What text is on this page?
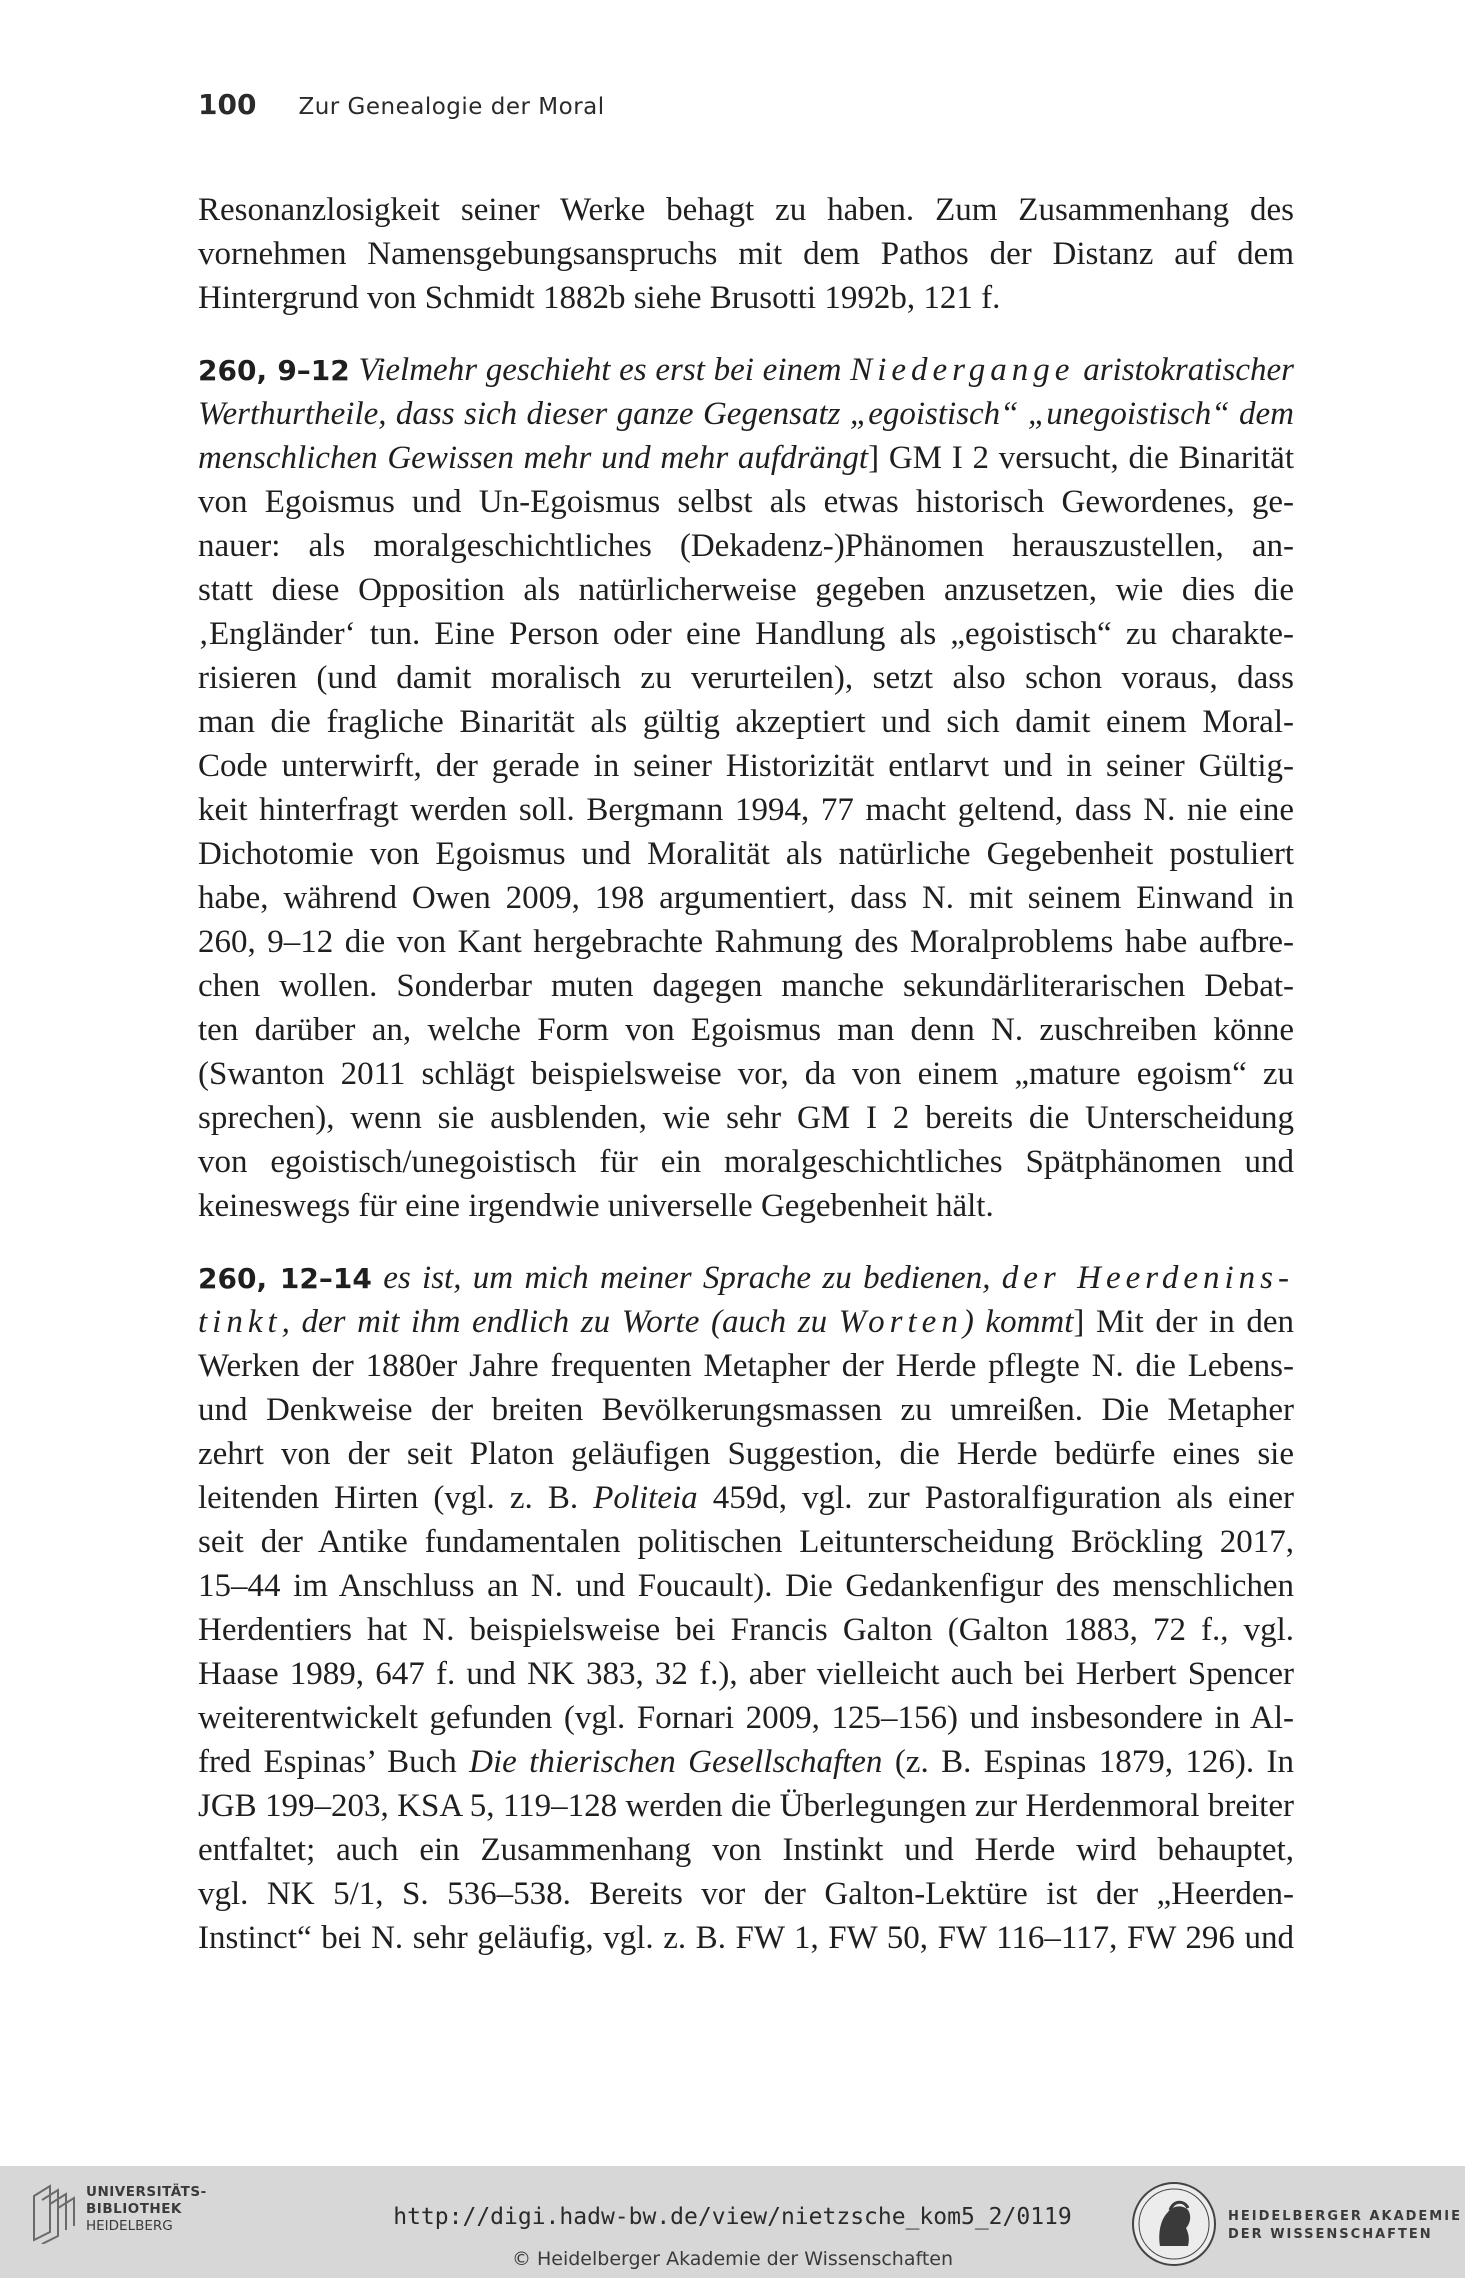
100 Zur Genealogie der Moral
Resonanzlosigkeit seiner Werke behagt zu haben. Zum Zusammenhang des
vornehmen Namensgebungsanspruchs mit dem Pathos der Distanz auf dem
Hintergrund von Schmidt 1882b siehe Brusotti 1992b, 121 f.
260, 9–12 Vielmehr geschieht es erst bei einem Niedergange aristokratischer
Werthurtheile, dass sich dieser ganze Gegensatz „egoistisch“ „unegoistisch“ dem
menschlichen Gewissen mehr und mehr aufdrängt] GM I 2 versucht, die Binarität
von Egoismus und Un-Egoismus selbst als etwas historisch Gewordenes, ge-
nauer: als moralgeschichtliches (Dekadenz-)Phänomen herauszustellen, an-
statt diese Opposition als natürlicherweise gegeben anzusetzen, wie dies die
‚Engländer‘ tun. Eine Person oder eine Handlung als „egoistisch“ zu charakte-
risieren (und damit moralisch zu verurteilen), setzt also schon voraus, dass
man die fragliche Binarität als gültig akzeptiert und sich damit einem Moral-
Code unterwirft, der gerade in seiner Historizität entlarvt und in seiner Gültig-
keit hinterfragt werden soll. Bergmann 1994, 77 macht geltend, dass N. nie eine
Dichotomie von Egoismus und Moralität als natürliche Gegebenheit postuliert
habe, während Owen 2009, 198 argumentiert, dass N. mit seinem Einwand in
260, 9–12 die von Kant hergebrachte Rahmung des Moralproblems habe aufbre-
chen wollen. Sonderbar muten dagegen manche sekundärliterarischen Debat-
ten darüber an, welche Form von Egoismus man denn N. zuschreiben könne
(Swanton 2011 schlägt beispielsweise vor, da von einem „mature egoism“ zu
sprechen), wenn sie ausblenden, wie sehr GM I 2 bereits die Unterscheidung
von egoistisch/unegoistisch für ein moralgeschichtliches Spätphänomen und
keineswegs für eine irgendwie universelle Gegebenheit hält.
260, 12–14 es ist, um mich meiner Sprache zu bedienen, der Heerdenins-
tinkt, der mit ihm endlich zu Worte (auch zu Worten) kommt] Mit der in den
Werken der 1880er Jahre frequenten Metapher der Herde pflegte N. die Lebens-
und Denkweise der breiten Bevölkerungsmassen zu umreißen. Die Metapher
zehrt von der seit Platon geläufigen Suggestion, die Herde bedürfe eines sie
leitenden Hirten (vgl. z. B. Politeia 459d, vgl. zur Pastoralfiguration als einer
seit der Antike fundamentalen politischen Leitunterscheidung Bröckling 2017,
15–44 im Anschluss an N. und Foucault). Die Gedankenfigur des menschlichen
Herdentiers hat N. beispielsweise bei Francis Galton (Galton 1883, 72 f., vgl.
Haase 1989, 647 f. und NK 383, 32 f.), aber vielleicht auch bei Herbert Spencer
weiterentwickelt gefunden (vgl. Fornari 2009, 125–156) und insbesondere in Al-
fred Espinas’ Buch Die thierischen Gesellschaften (z. B. Espinas 1879, 126). In
JGB 199–203, KSA 5, 119–128 werden die Überlegungen zur Herdenmoral breiter
entfaltet; auch ein Zusammenhang von Instinkt und Herde wird behauptet,
vgl. NK 5/1, S. 536–538. Bereits vor der Galton-Lektüre ist der „Heerden-
Instinct“ bei N. sehr geläufig, vgl. z. B. FW 1, FW 50, FW 116–117, FW 296 und
UNIVERSITÄTS-
BIBLIOTHEK
HEIDELBERG	http://digi.hadw-bw.de/view/nietzsche_kom5_2/0119
© Heidelberger Akademie der Wissenschaften
HEIDELBERGER AKADEMIE
DER WISSENSCHAFTEN
